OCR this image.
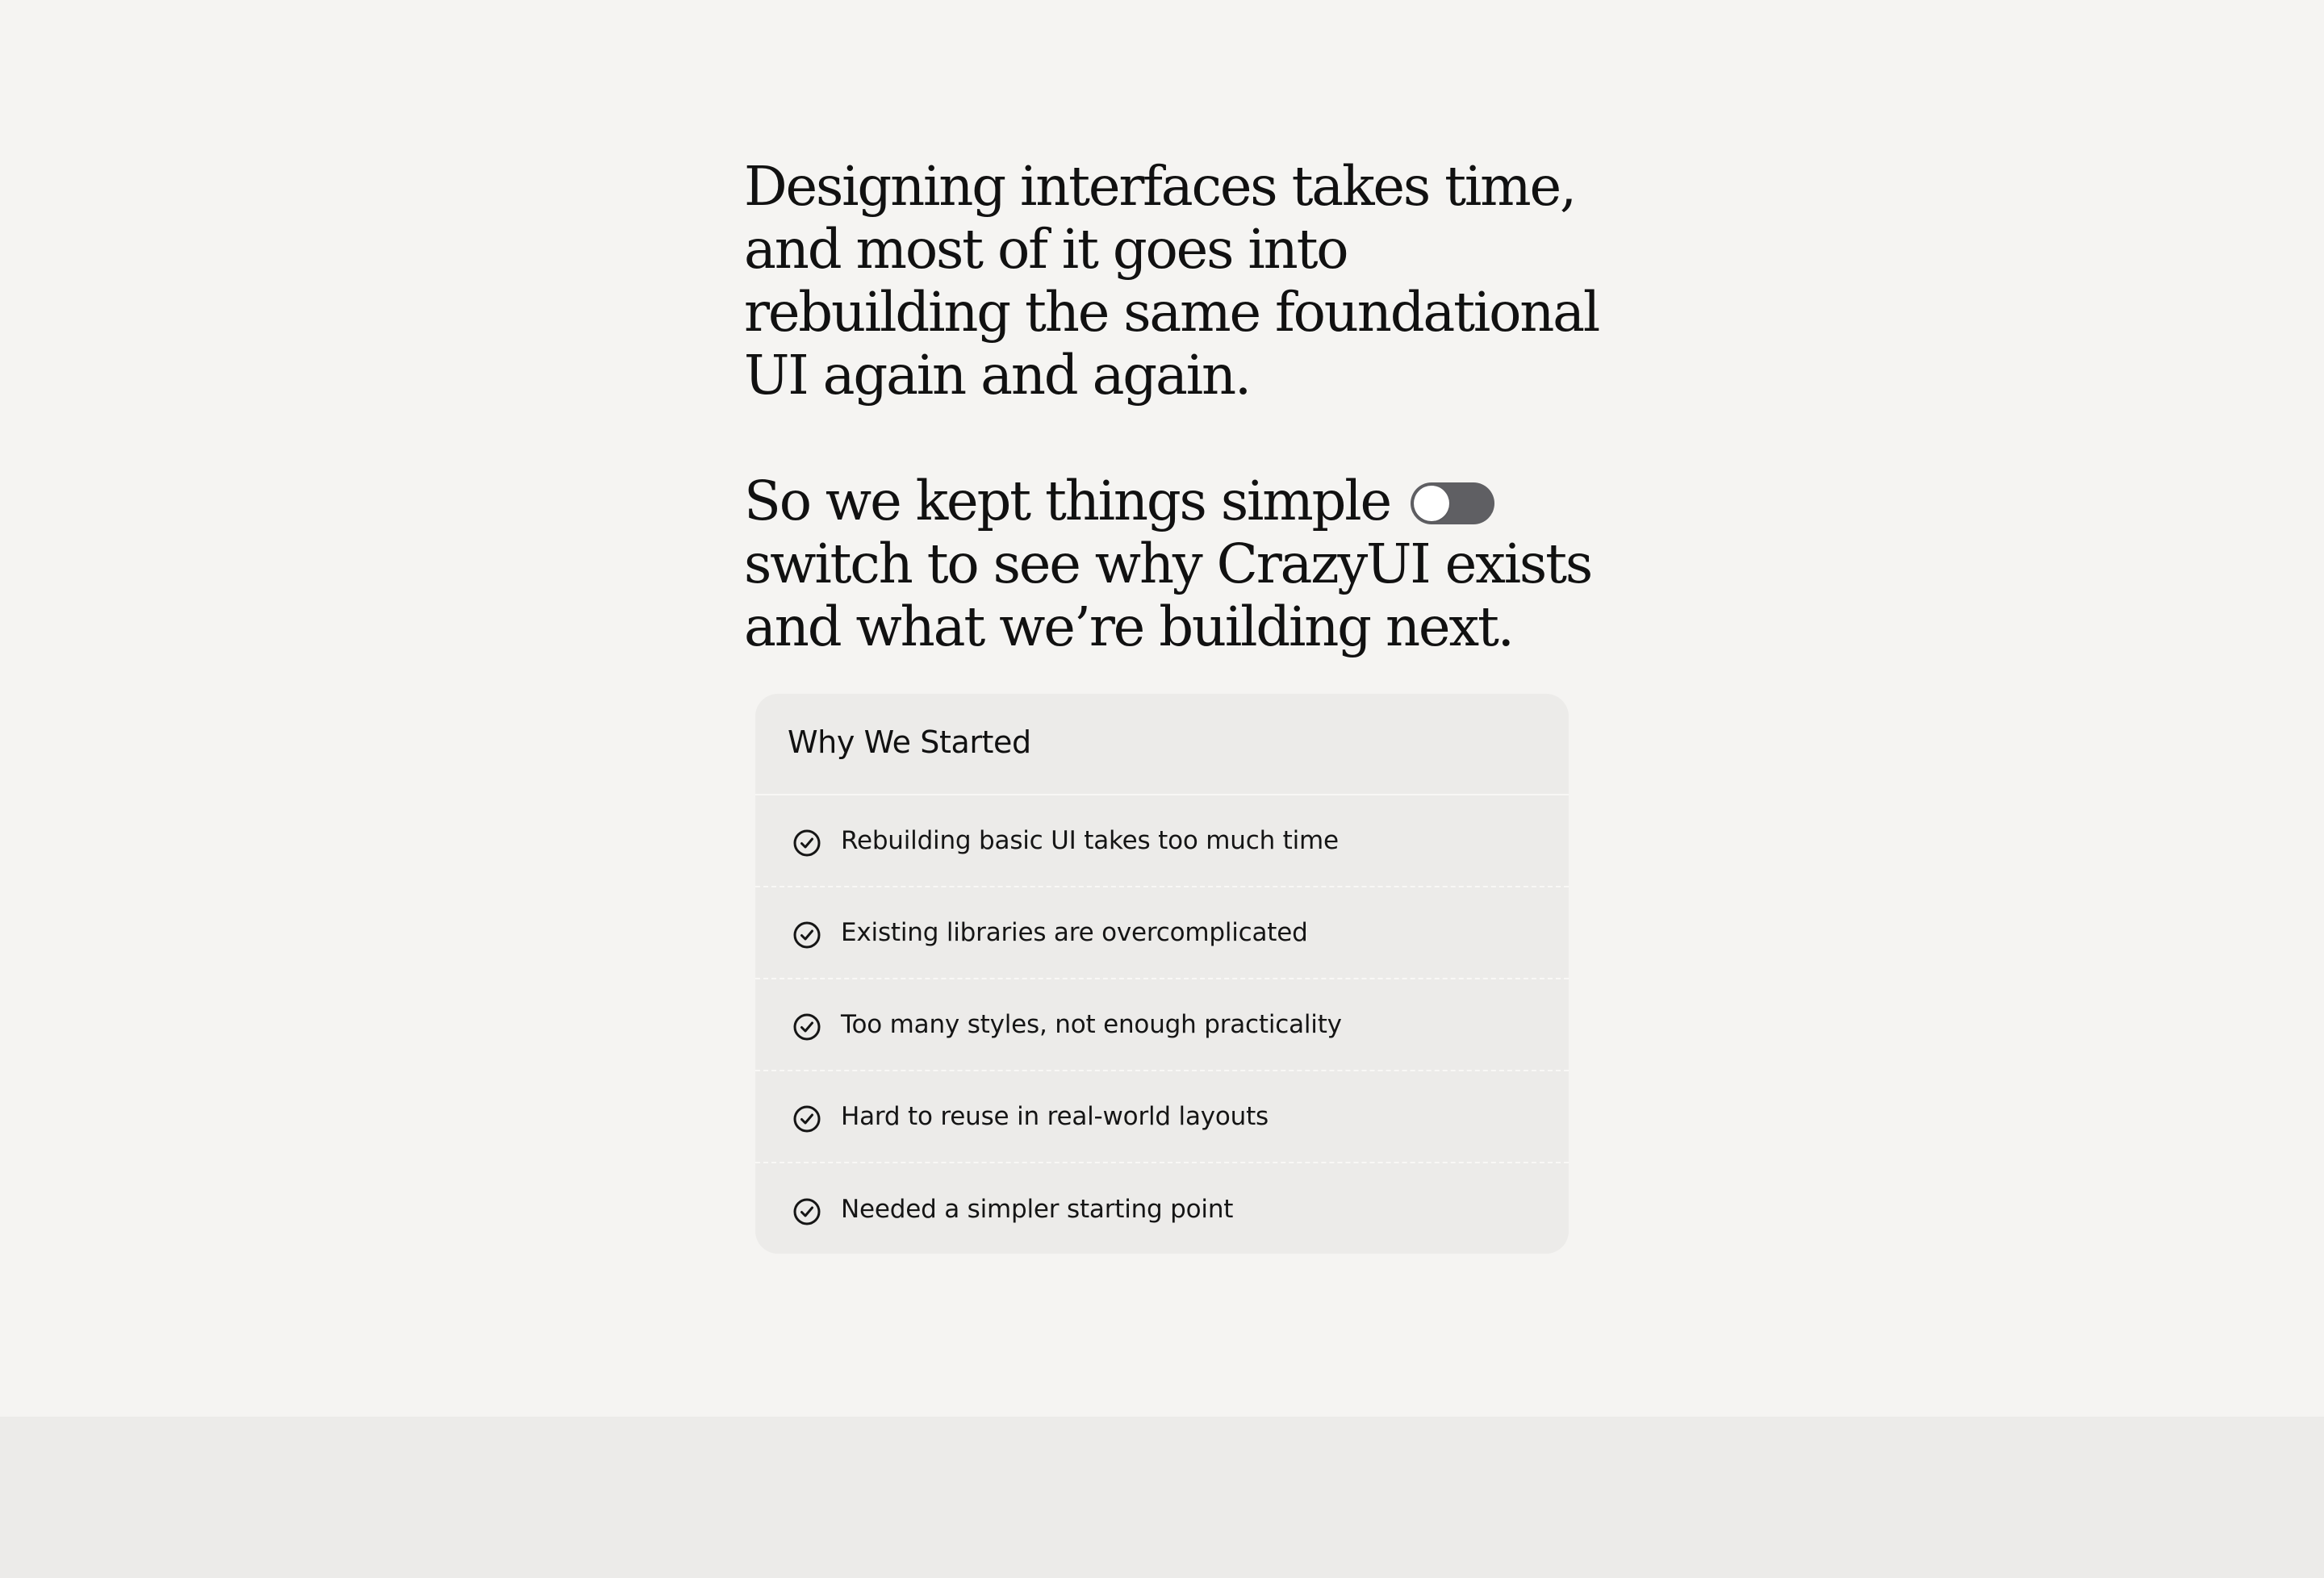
Designing interfaces takes time, and most of it goes into rebuilding the same foundational UI again and again.

So we kept things simple
switch to see why CrazyUI exists and what we’re building next.

Why We Started
Rebuilding basic UI takes too much time
Existing libraries are overcomplicated
Too many styles, not enough practicality
Hard to reuse in real-world layouts
Needed a simpler starting point
